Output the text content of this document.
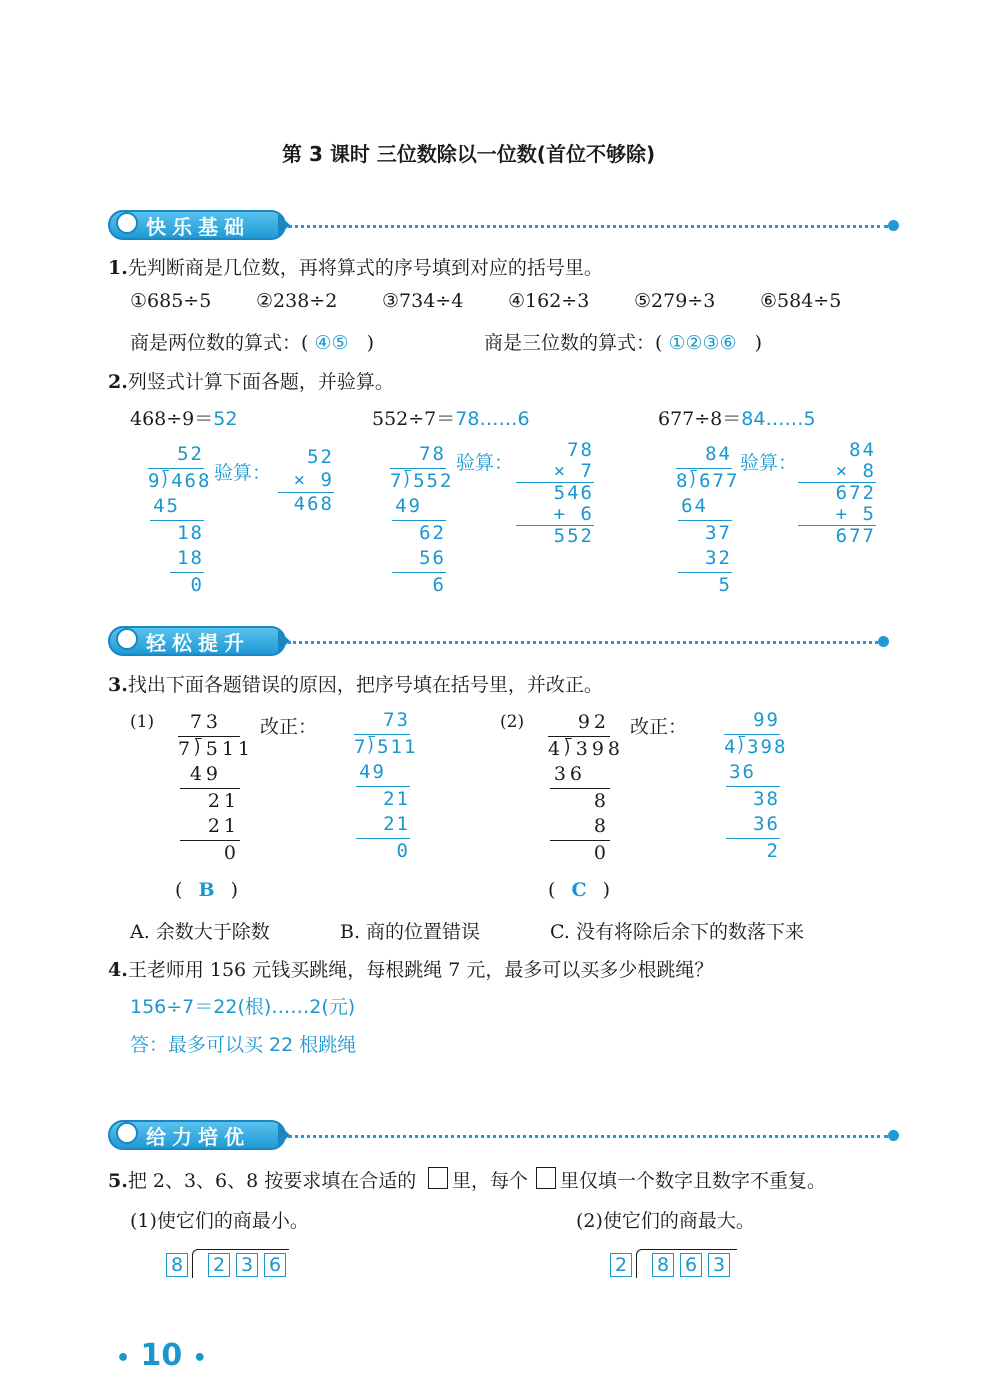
第 3 课时 三位数除以一位数(首位不够除)
快乐基础
1.先判断商是几位数，再将算式的序号填到对应的括号里。
①685÷5 ②238÷2 ③734÷4 ④162÷3 ⑤279÷3 ⑥584÷5
商是两位数的算式：( ④⑤ )	商是三位数的算式：( ①②③⑥ )
2.列竖式计算下面各题，并验算。
468÷9＝52
52
9⟌468
45
18
18
0
验算：
52
× 9
468
552÷7＝78……6
78
7⟌552
49
62
56
6
验算：
78
× 7
546
+ 6
552
677÷8＝84……5
84
8⟌677
64
37
32
5
验算：
84
× 8
672
+ 5
677
轻松提升
3.找出下面各题错误的原因，把序号填在括号里，并改正。
(1)	73
7⟌511
49
21
21
0
改正：	73
7⟌511
49
21
21
0
( B )
(2)	92
4⟌398
36
8
8
0
改正：	99
4⟌398
36
38
36
2
( C )
A. 余数大于除数	B. 商的位置错误	C. 没有将除后余下的数落下来
4.王老师用 156 元钱买跳绳，每根跳绳 7 元，最多可以买多少根跳绳？
156÷7＝22(根)……2(元)
答：最多可以买 22 根跳绳
给力培优
5.把 2、3、6、8 按要求填在合适的 里，每个 里仅填一个数字且数字不重复。
(1)使它们的商最小。	(2)使它们的商最大。
8 2 3 6	2 8 6 3
• 10 •
